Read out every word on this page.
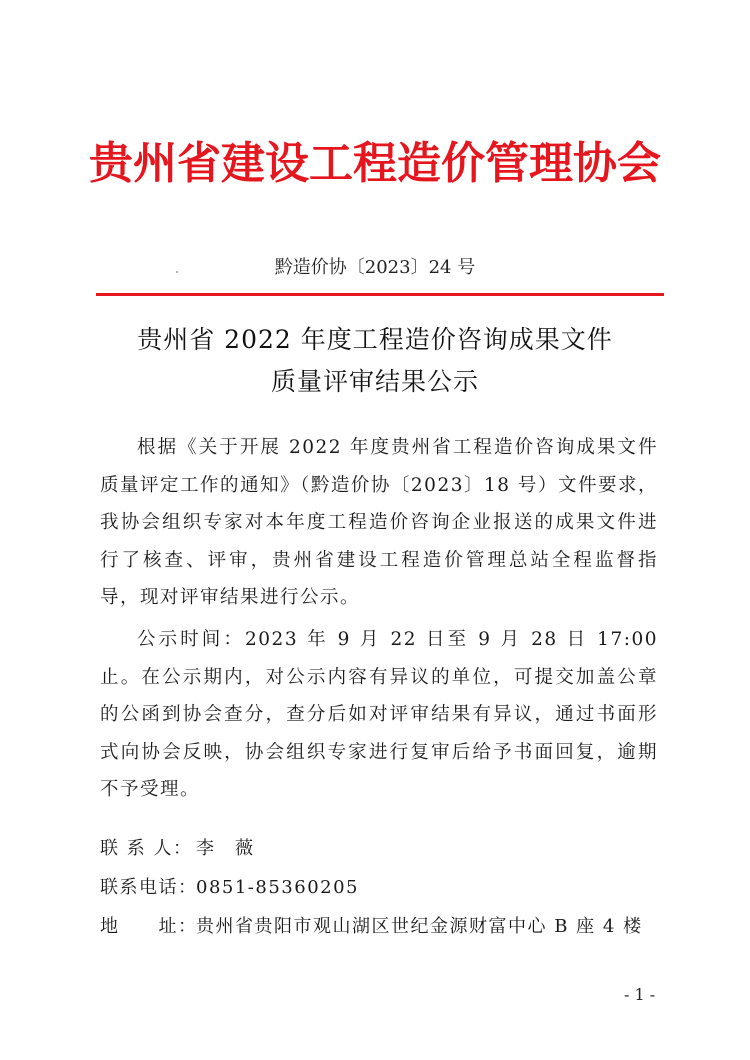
贵州省建设工程造价管理协会
黔造价协〔2023〕24 号
贵州省 2022 年度工程造价咨询成果文件
质量评审结果公示

根据《关于开展 2022 年度贵州省工程造价咨询成果文件质量评定工作的通知》（黔造价协〔2023〕18 号）文件要求，我协会组织专家对本年度工程造价咨询企业报送的成果文件进行了核查、评审，贵州省建设工程造价管理总站全程监督指导，现对评审结果进行公示。

公示时间：2023 年 9 月 22 日至 9 月 28 日 17:00 止。在公示期内，对公示内容有异议的单位，可提交加盖公章的公函到协会查分，查分后如对评审结果有异议，通过书面形式向协会反映，协会组织专家进行复审后给予书面回复，逾期不予受理。

联 系 人： 李　薇
联系电话：0851-85360205
地　　址：贵州省贵阳市观山湖区世纪金源财富中心 B 座 4 楼
- 1 -
